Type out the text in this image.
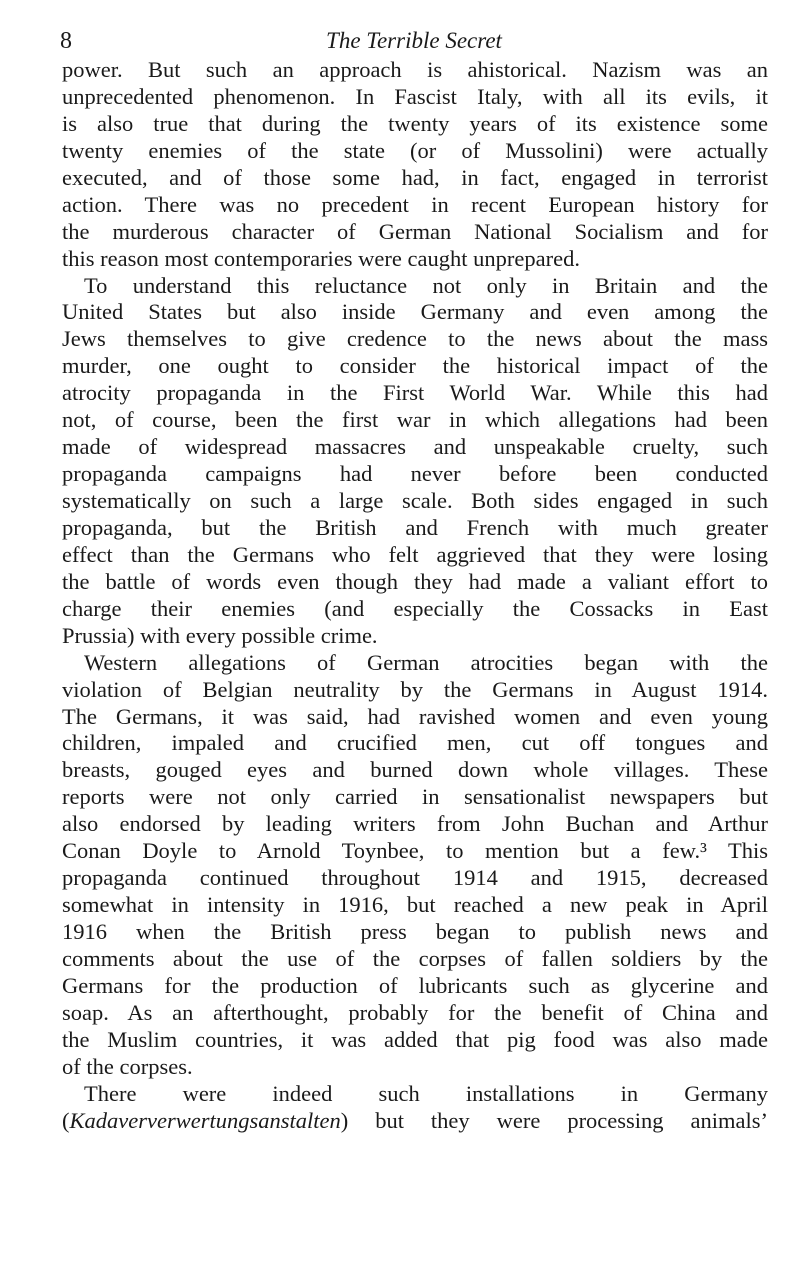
8	The Terrible Secret
power. But such an approach is ahistorical. Nazism was an
unprecedented phenomenon. In Fascist Italy, with all its evils, it
is also true that during the twenty years of its existence some
twenty enemies of the state (or of Mussolini) were actually
executed, and of those some had, in fact, engaged in terrorist
action. There was no precedent in recent European history for
the murderous character of German National Socialism and for
this reason most contemporaries were caught unprepared.
To understand this reluctance not only in Britain and the
United States but also inside Germany and even among the
Jews themselves to give credence to the news about the mass
murder, one ought to consider the historical impact of the
atrocity propaganda in the First World War. While this had
not, of course, been the first war in which allegations had been
made of widespread massacres and unspeakable cruelty, such
propaganda campaigns had never before been conducted
systematically on such a large scale. Both sides engaged in such
propaganda, but the British and French with much greater
effect than the Germans who felt aggrieved that they were losing
the battle of words even though they had made a valiant effort to
charge their enemies (and especially the Cossacks in East
Prussia) with every possible crime.
Western allegations of German atrocities began with the
violation of Belgian neutrality by the Germans in August 1914.
The Germans, it was said, had ravished women and even young
children, impaled and crucified men, cut off tongues and
breasts, gouged eyes and burned down whole villages. These
reports were not only carried in sensationalist newspapers but
also endorsed by leading writers from John Buchan and Arthur
Conan Doyle to Arnold Toynbee, to mention but a few.³ This
propaganda continued throughout 1914 and 1915, decreased
somewhat in intensity in 1916, but reached a new peak in April
1916 when the British press began to publish news and
comments about the use of the corpses of fallen soldiers by the
Germans for the production of lubricants such as glycerine and
soap. As an afterthought, probably for the benefit of China and
the Muslim countries, it was added that pig food was also made
of the corpses.
There were indeed such installations in Germany
(Kadaververwertungsanstalten) but they were processing animals’
